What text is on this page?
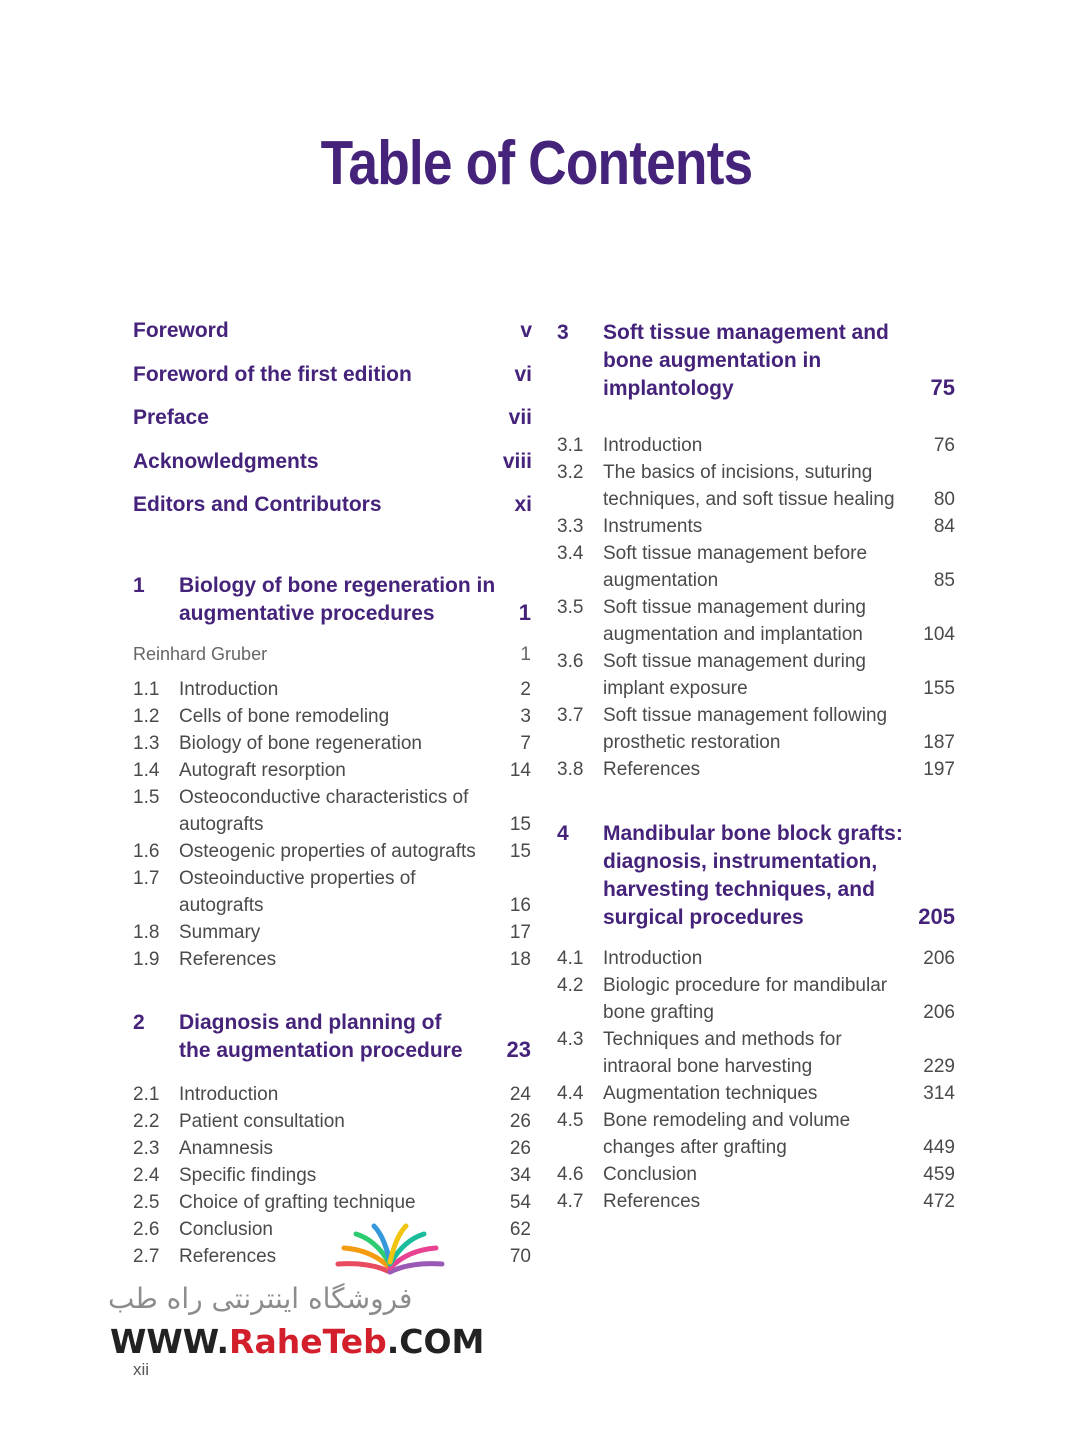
Table of Contents
Foreword	v
Foreword of the first edition	vi
Preface	vii
Acknowledgments	viii
Editors and Contributors	xi
1 Biology of bone regeneration in
augmentative procedures	1
Reinhard Gruber	1
1.1 Introduction	2
1.2 Cells of bone remodeling	3
1.3 Biology of bone regeneration	7
1.4 Autograft resorption	14
1.5 Osteoconductive characteristics of
autografts	15
1.6 Osteogenic properties of autografts	15
1.7 Osteoinductive properties of
autografts	16
1.8 Summary	17
1.9 References	18
2 Diagnosis and planning of
the augmentation procedure	23
2.1 Introduction	24
2.2 Patient consultation	26
2.3 Anamnesis	26
2.4 Specific findings	34
2.5 Choice of grafting technique	54
2.6 Conclusion	62
2.7 References	70
3 Soft tissue management and
bone augmentation in
implantology	75
3.1 Introduction	76
3.2 The basics of incisions, suturing
techniques, and soft tissue healing	80
3.3 Instruments	84
3.4 Soft tissue management before
augmentation	85
3.5 Soft tissue management during
augmentation and implantation	104
3.6 Soft tissue management during
implant exposure	155
3.7 Soft tissue management following
prosthetic restoration	187
3.8 References	197
4 Mandibular bone block grafts:
diagnosis, instrumentation,
harvesting techniques, and
surgical procedures	205
4.1 Introduction	206
4.2 Biologic procedure for mandibular
bone grafting	206
4.3 Techniques and methods for
intraoral bone harvesting	229
4.4 Augmentation techniques	314
4.5 Bone remodeling and volume
changes after grafting	449
4.6 Conclusion	459
4.7 References	472
فروشگاه اینترنتی راه طب
WWW.RaheTeb.COM
xii
